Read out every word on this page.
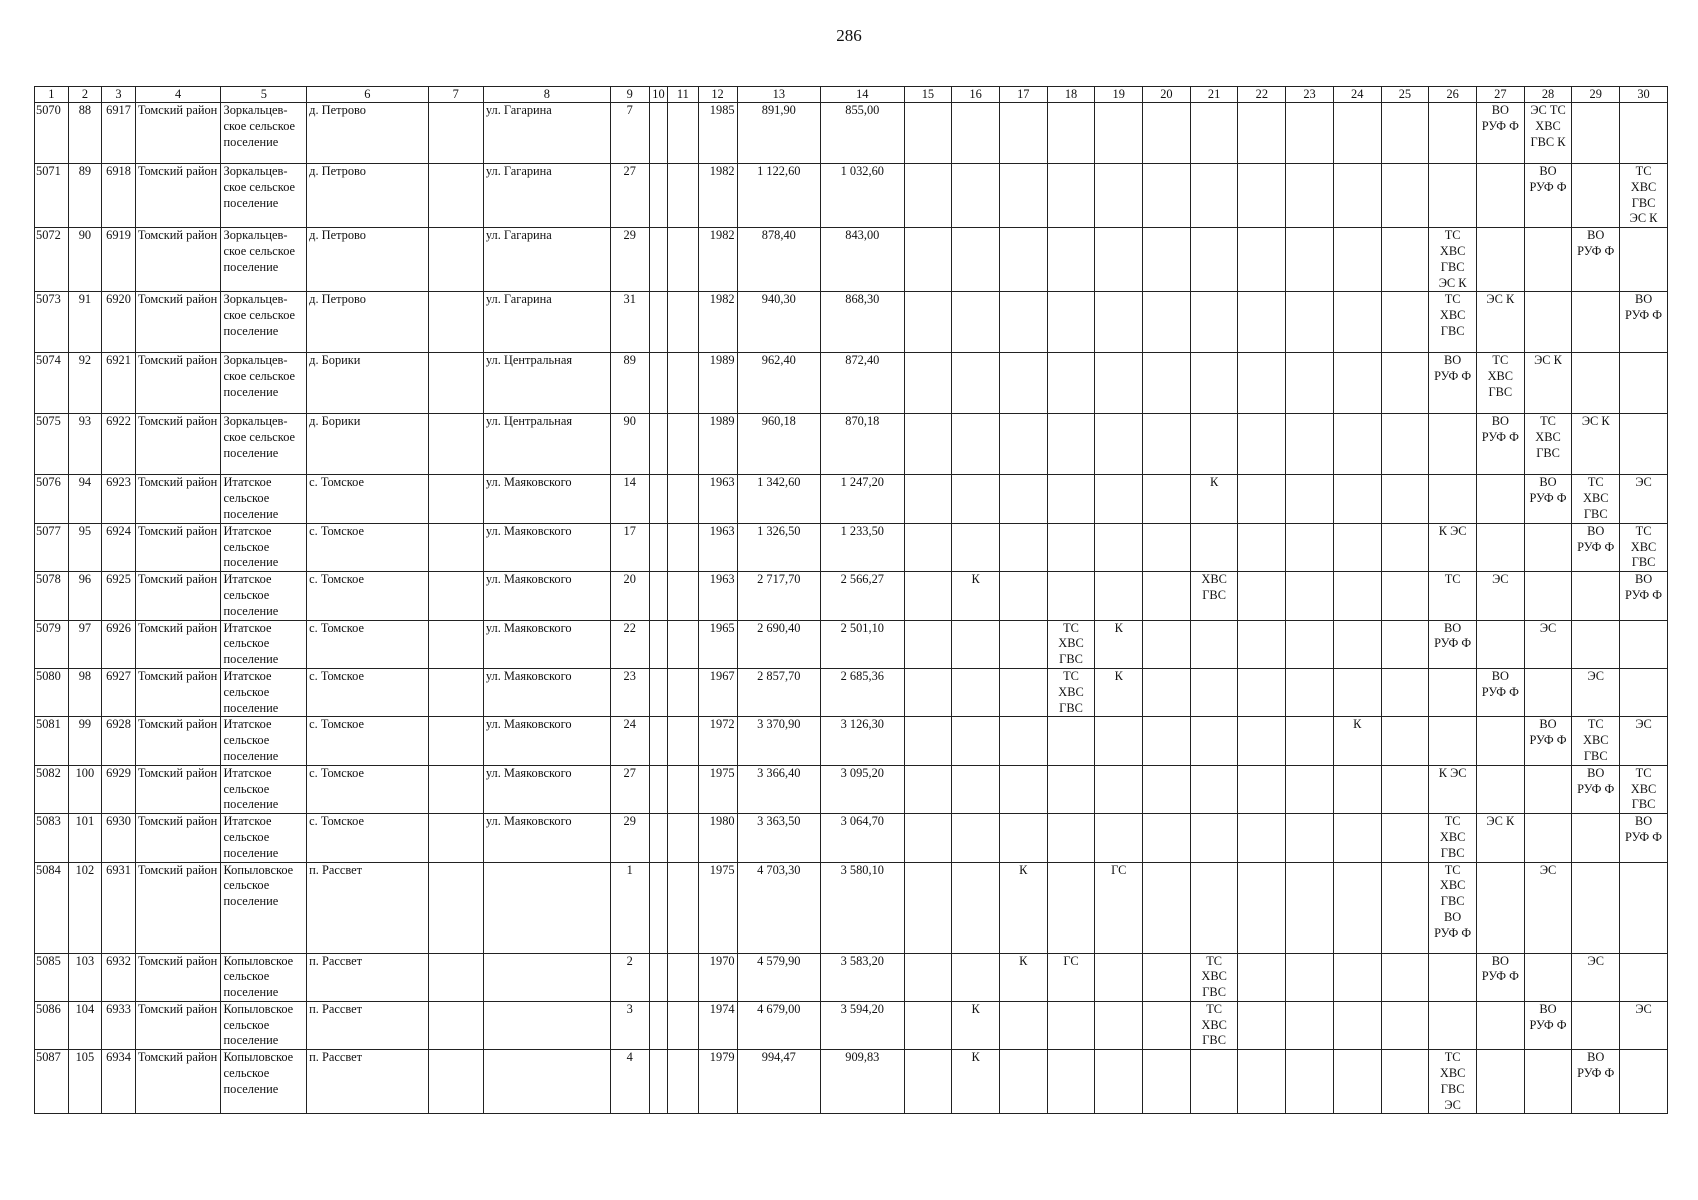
286
1	2	3	4	5	6	7	8	9	10	11	12	13	14	15	16	17	18	19	20	21	22	23	24	25	26	27	28	29	30
5070	88	6917	Томский район	Зоркальцев-ское сельское поселение	д. Петрово		ул. Гагарина	7			1985	891,90	855,00													ВО
РУФ Ф	ЭС ТС
ХВС
ГВС К		
5071	89	6918	Томский район	Зоркальцев-ское сельское поселение	д. Петрово		ул. Гагарина	27			1982	1 122,60	1 032,60														ВО
РУФ Ф		ТС
ХВС
ГВС
ЭС К
5072	90	6919	Томский район	Зоркальцев-ское сельское поселение	д. Петрово		ул. Гагарина	29			1982	878,40	843,00												ТС
ХВС
ГВС
ЭС К			ВО
РУФ Ф	
5073	91	6920	Томский район	Зоркальцев-ское сельское поселение	д. Петрово		ул. Гагарина	31			1982	940,30	868,30												ТС
ХВС
ГВС	ЭС К			ВО
РУФ Ф
5074	92	6921	Томский район	Зоркальцев-ское сельское поселение	д. Борики		ул. Центральная	89			1989	962,40	872,40												ВО
РУФ Ф	ТС
ХВС
ГВС	ЭС К		
5075	93	6922	Томский район	Зоркальцев-ское сельское поселение	д. Борики		ул. Центральная	90			1989	960,18	870,18													ВО
РУФ Ф	ТС
ХВС
ГВС	ЭС К	
5076	94	6923	Томский район	Итатское сельское поселение	с. Томское		ул. Маяковского	14			1963	1 342,60	1 247,20							К							ВО
РУФ Ф	ТС
ХВС
ГВС	ЭС
5077	95	6924	Томский район	Итатское сельское поселение	с. Томское		ул. Маяковского	17			1963	1 326,50	1 233,50												К ЭС			ВО
РУФ Ф	ТС
ХВС
ГВС
5078	96	6925	Томский район	Итатское сельское поселение	с. Томское		ул. Маяковского	20			1963	2 717,70	2 566,27		К					ХВС
ГВС					ТС	ЭС			ВО
РУФ Ф
5079	97	6926	Томский район	Итатское сельское поселение	с. Томское		ул. Маяковского	22			1965	2 690,40	2 501,10				ТС
ХВС
ГВС	К							ВО
РУФ Ф		ЭС		
5080	98	6927	Томский район	Итатское сельское поселение	с. Томское		ул. Маяковского	23			1967	2 857,70	2 685,36				ТС
ХВС
ГВС	К								ВО
РУФ Ф		ЭС	
5081	99	6928	Томский район	Итатское сельское поселение	с. Томское		ул. Маяковского	24			1972	3 370,90	3 126,30										К				ВО
РУФ Ф	ТС
ХВС
ГВС	ЭС
5082	100	6929	Томский район	Итатское сельское поселение	с. Томское		ул. Маяковского	27			1975	3 366,40	3 095,20												К ЭС			ВО
РУФ Ф	ТС
ХВС
ГВС
5083	101	6930	Томский район	Итатское сельское поселение	с. Томское		ул. Маяковского	29			1980	3 363,50	3 064,70												ТС
ХВС
ГВС	ЭС К			ВО
РУФ Ф
5084	102	6931	Томский район	Копыловское сельское поселение	п. Рассвет			1			1975	4 703,30	3 580,10			К		ГС							ТС
ХВС
ГВС
ВО
РУФ Ф		ЭС		
5085	103	6932	Томский район	Копыловское сельское поселение	п. Рассвет			2			1970	4 579,90	3 583,20			К	ГС			ТС
ХВС
ГВС						ВО
РУФ Ф		ЭС	
5086	104	6933	Томский район	Копыловское сельское поселение	п. Рассвет			3			1974	4 679,00	3 594,20		К					ТС
ХВС
ГВС							ВО
РУФ Ф		ЭС
5087	105	6934	Томский район	Копыловское сельское поселение	п. Рассвет			4			1979	994,47	909,83		К										ТС
ХВС
ГВС
ЭС			ВО
РУФ Ф	
